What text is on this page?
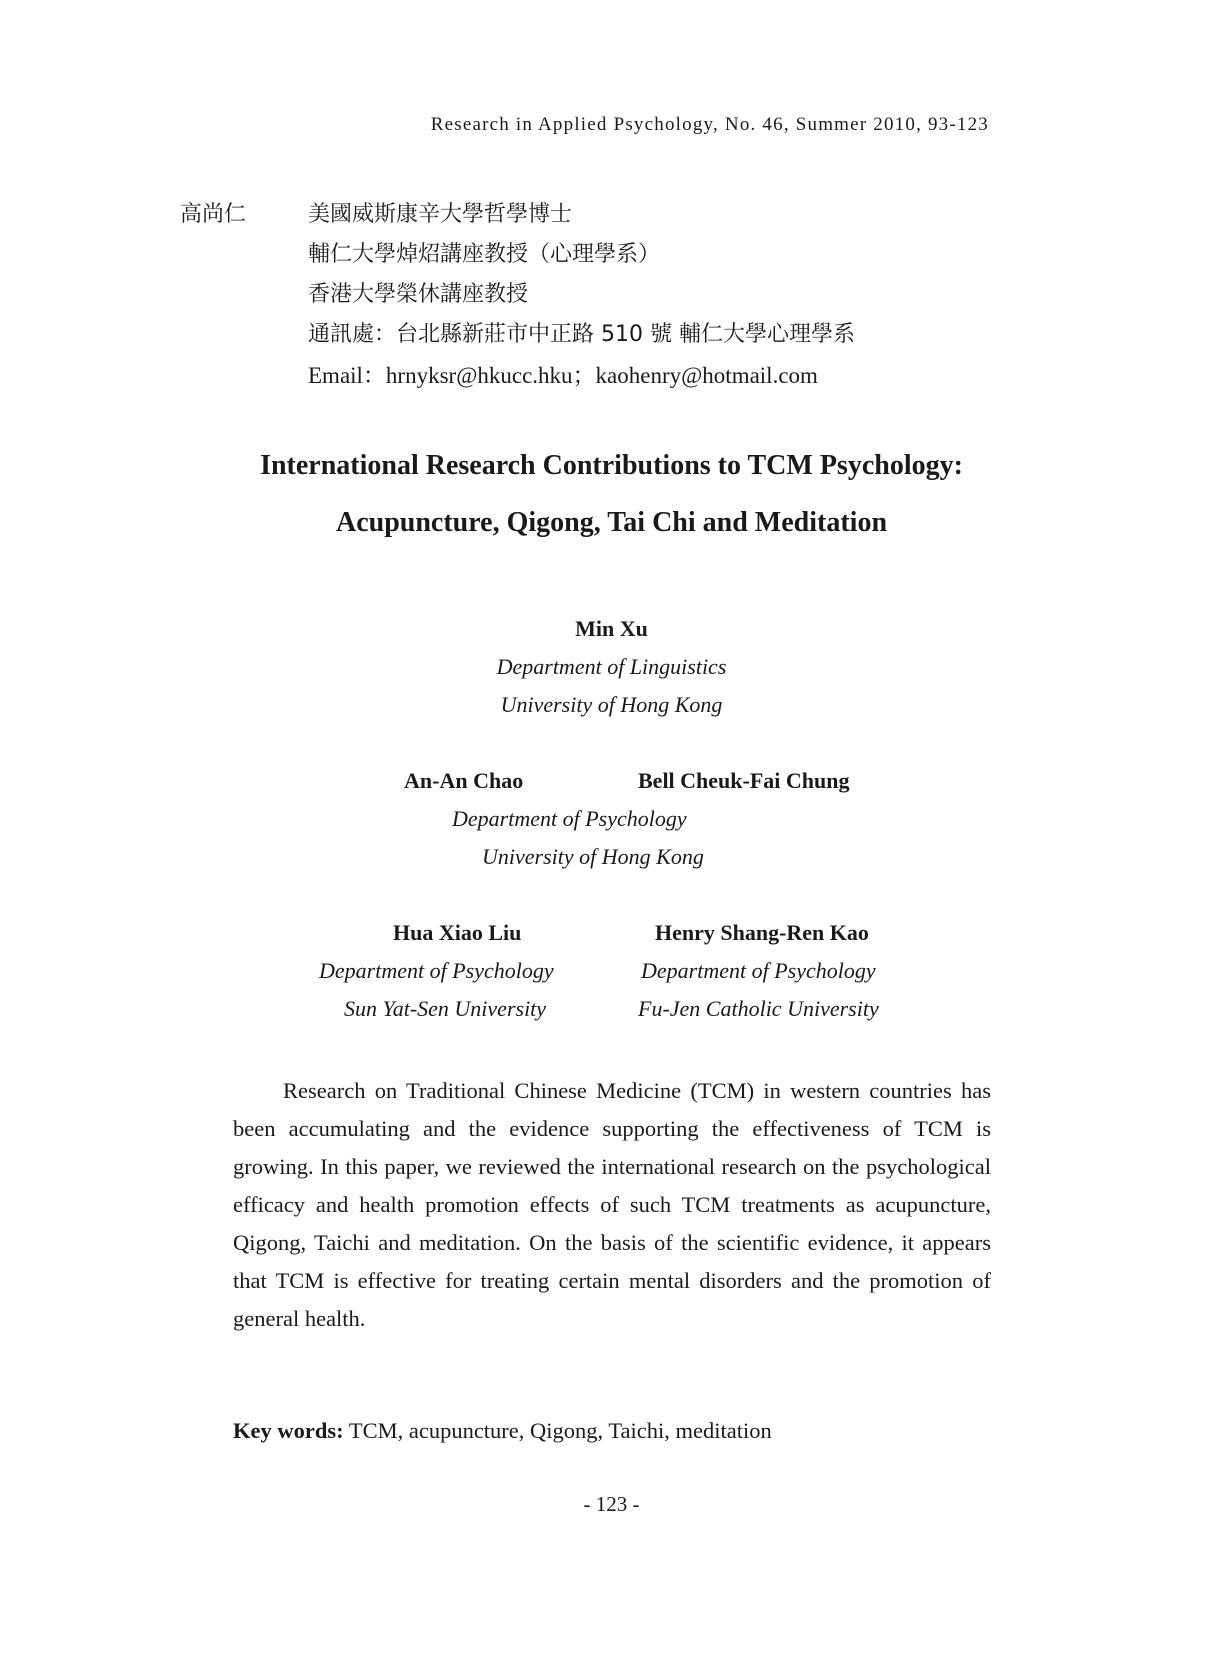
Research in Applied Psychology, No. 46, Summer 2010, 93-123
高尚仁	美國威斯康辛大學哲學博士
輔仁大學焯炤講座教授（心理學系）
香港大學榮休講座教授
通訊處：台北縣新莊市中正路 510 號 輔仁大學心理學系
Email：hrnyksr@hkucc.hku；kaohenry@hotmail.com
International Research Contributions to TCM Psychology:
Acupuncture, Qigong, Tai Chi and Meditation
Min Xu
Department of Linguistics
University of Hong Kong
An-An Chao	Bell Cheuk-Fai Chung
Department of Psychology
University of Hong Kong
Hua Xiao Liu
Department of Psychology
Sun Yat-Sen University
Henry Shang-Ren Kao
Department of Psychology
Fu-Jen Catholic University

Research on Traditional Chinese Medicine (TCM) in western countries has been accumulating and the evidence supporting the effectiveness of TCM is growing. In this paper, we reviewed the international research on the psychological efficacy and health promotion effects of such TCM treatments as acupuncture, Qigong, Taichi and meditation. On the basis of the scientific evidence, it appears that TCM is effective for treating certain mental disorders and the promotion of general health.

Key words: TCM, acupuncture, Qigong, Taichi, meditation
- 123 -
